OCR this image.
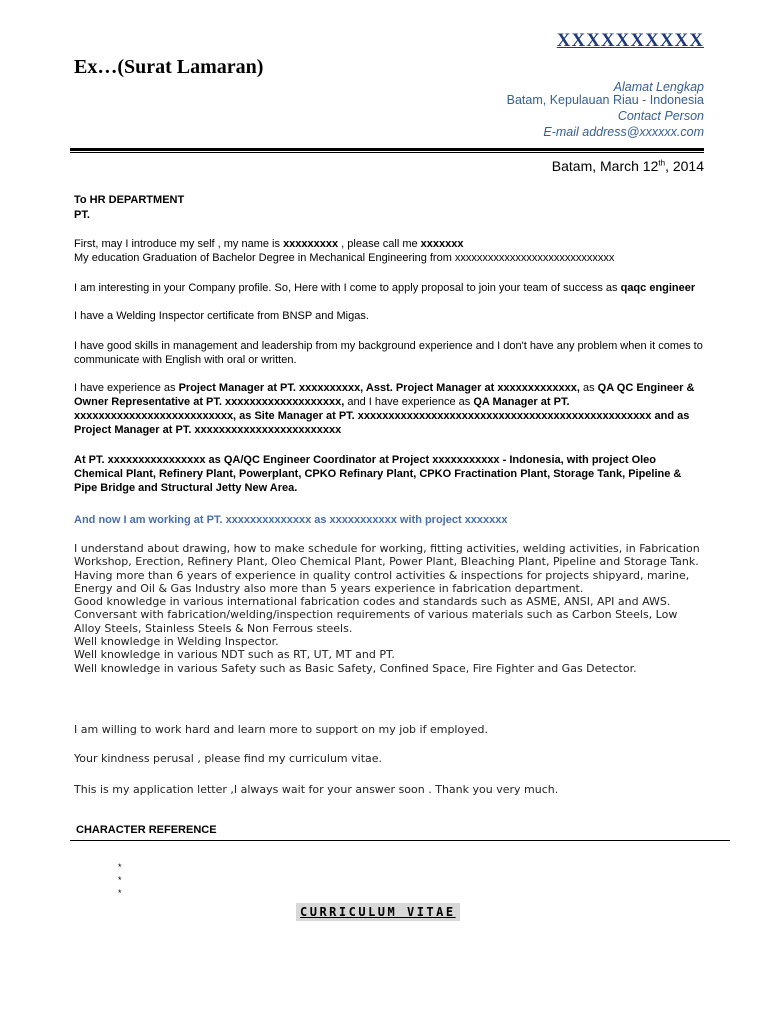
XXXXXXXXXX
Ex…(Surat Lamaran)
Alamat Lengkap
Batam, Kepulauan Riau - Indonesia
Contact Person
E-mail address@xxxxxx.com
Batam, March 12th, 2014
To HR DEPARTMENT
PT.
First, may I introduce my self , my name is xxxxxxxxx , please call me xxxxxxx
My education Graduation of Bachelor Degree in Mechanical Engineering from xxxxxxxxxxxxxxxxxxxxxxxxxxxxx
I am interesting in your Company profile. So, Here with I come to apply proposal to join your team of success as qaqc engineer
I have a Welding Inspector certificate from BNSP and Migas.
I have good skills in management and leadership from my background experience and I don't have any problem when it comes to communicate with English with oral or written.
I have experience as Project Manager at PT. xxxxxxxxxx, Asst. Project Manager at xxxxxxxxxxxxx, as QA QC Engineer & Owner Representative at PT. xxxxxxxxxxxxxxxxxxx, and I have experience as QA Manager at PT. xxxxxxxxxxxxxxxxxxxxxxxxxx, as Site Manager at PT. xxxxxxxxxxxxxxxxxxxxxxxxxxxxxxxxxxxxxxxxxxxxxxxx and as Project Manager at PT. xxxxxxxxxxxxxxxxxxxxxxxx
At PT. xxxxxxxxxxxxxxxx as QA/QC Engineer Coordinator at Project xxxxxxxxxxx - Indonesia, with project Oleo Chemical Plant, Refinery Plant, Powerplant, CPKO Refinary Plant, CPKO Fractination Plant, Storage Tank, Pipeline & Pipe Bridge and Structural Jetty New Area.
And now I am working at PT. xxxxxxxxxxxxxx as xxxxxxxxxxx with project xxxxxxx
I understand about drawing, how to make schedule for working, fitting activities, welding activities, in Fabrication Workshop, Erection, Refinery Plant, Oleo Chemical Plant, Power Plant, Bleaching Plant, Pipeline and Storage Tank.
Having more than 6 years of experience in quality control activities & inspections for projects shipyard, marine, Energy and Oil & Gas Industry also more than 5 years experience in fabrication department.
Good knowledge in various international fabrication codes and standards such as ASME, ANSI, API and AWS.
Conversant with fabrication/welding/inspection requirements of various materials such as Carbon Steels, Low Alloy Steels, Stainless Steels & Non Ferrous steels.
Well knowledge in Welding Inspector.
Well knowledge in various NDT such as RT, UT, MT and PT.
Well knowledge in various Safety such as Basic Safety, Confined Space, Fire Fighter and Gas Detector.
I am willing to work hard and learn more to support on my job if employed.
Your kindness perusal , please find my curriculum vitae.
This is my application letter ,I always wait for your answer soon . Thank you very much.
CHARACTER REFERENCE
*
*
*
CURRICULUM VITAE
